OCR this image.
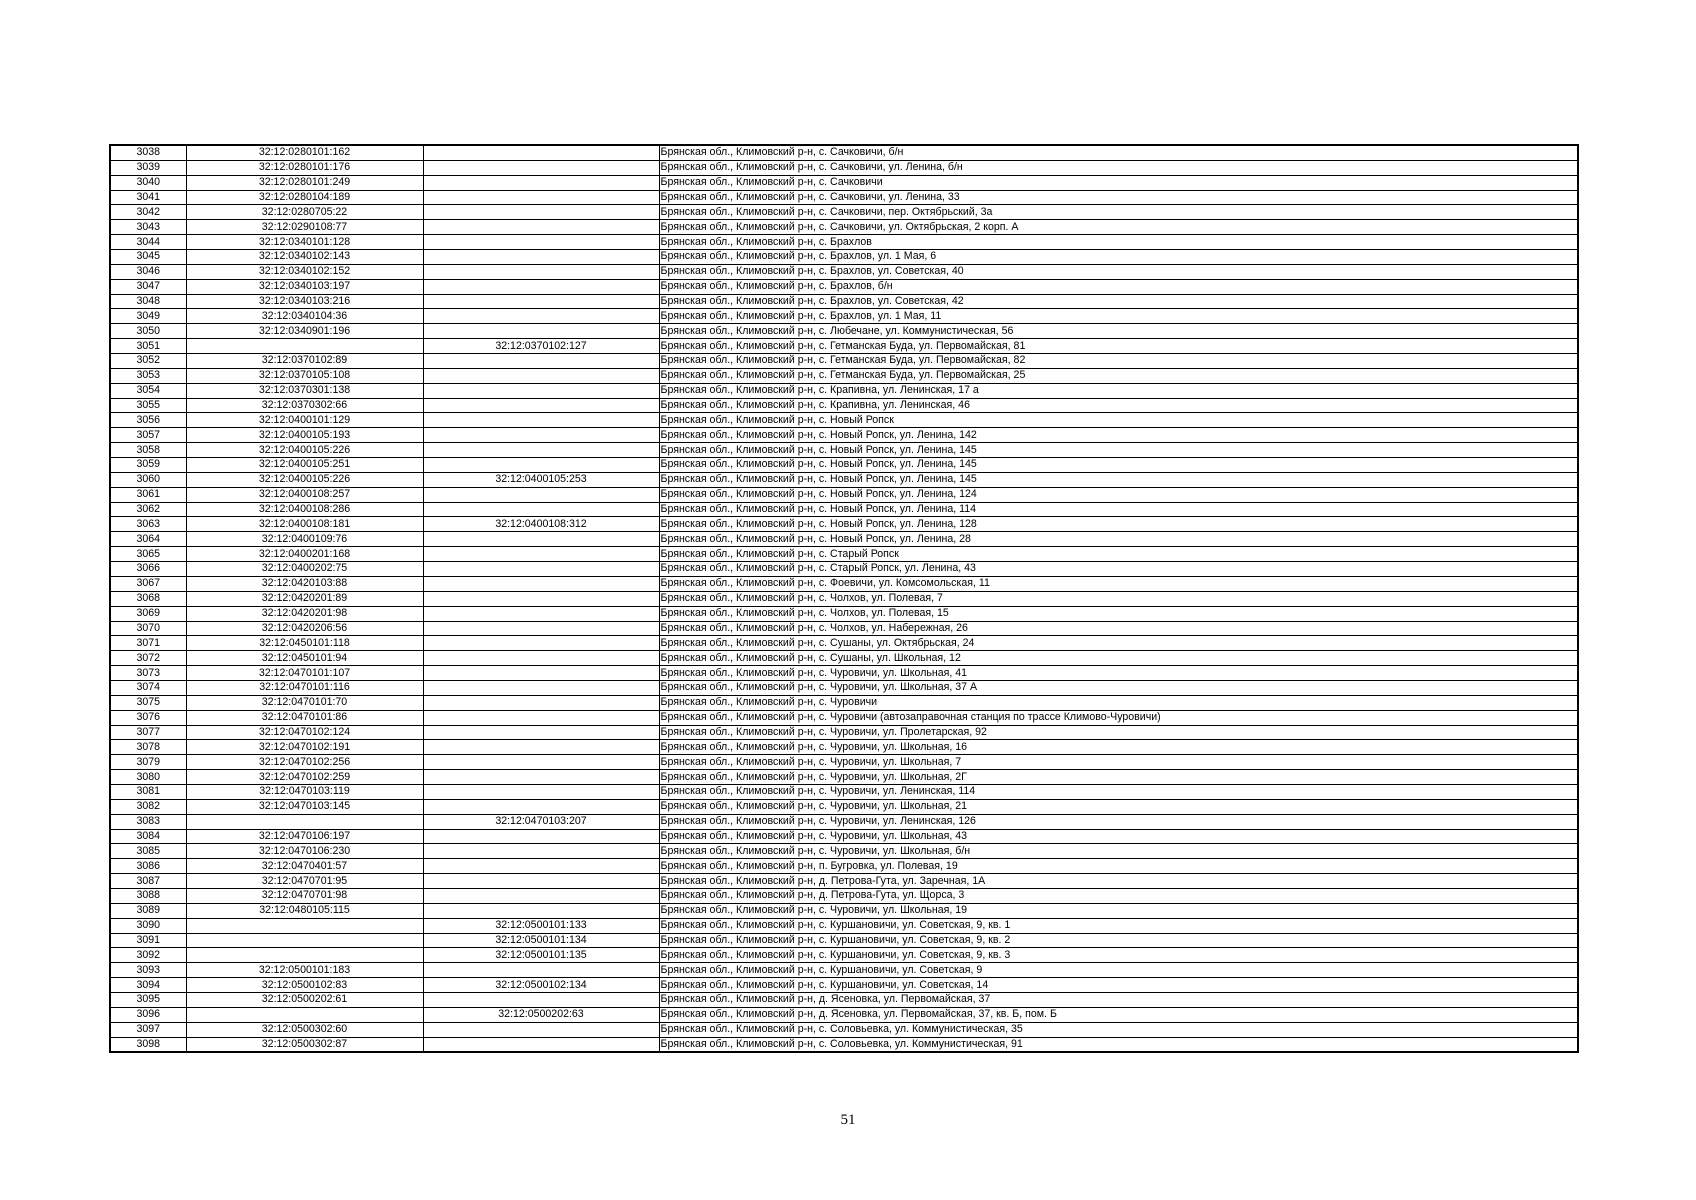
3038	32:12:0280101:162		Брянская обл., Климовский р-н, с. Сачковичи, б/н
3039	32:12:0280101:176		Брянская обл., Климовский р-н, с. Сачковичи, ул. Ленина, б/н
3040	32:12:0280101:249		Брянская обл., Климовский р-н, с. Сачковичи
3041	32:12:0280104:189		Брянская обл., Климовский р-н, с. Сачковичи, ул. Ленина, 33
3042	32:12:0280705:22		Брянская обл., Климовский р-н, с. Сачковичи, пер. Октябрьский, 3а
3043	32:12:0290108:77		Брянская обл., Климовский р-н, с. Сачковичи, ул. Октябрьская, 2 корп. А
3044	32:12:0340101:128		Брянская обл., Климовский р-н, с. Брахлов
3045	32:12:0340102:143		Брянская обл., Климовский р-н, с. Брахлов, ул. 1 Мая, 6
3046	32:12:0340102:152		Брянская обл., Климовский р-н, с. Брахлов, ул. Советская, 40
3047	32:12:0340103:197		Брянская обл., Климовский р-н, с. Брахлов, б/н
3048	32:12:0340103:216		Брянская обл., Климовский р-н, с. Брахлов, ул. Советская, 42
3049	32:12:0340104:36		Брянская обл., Климовский р-н, с. Брахлов, ул. 1 Мая, 11
3050	32:12:0340901:196		Брянская обл., Климовский р-н, с. Любечане, ул. Коммунистическая, 56
3051		32:12:0370102:127	Брянская обл., Климовский р-н, с. Гетманская Буда, ул. Первомайская, 81
3052	32:12:0370102:89		Брянская обл., Климовский р-н, с. Гетманская Буда, ул. Первомайская, 82
3053	32:12:0370105:108		Брянская обл., Климовский р-н, с. Гетманская Буда, ул. Первомайская, 25
3054	32:12:0370301:138		Брянская обл., Климовский р-н, с. Крапивна, ул. Ленинская, 17 а
3055	32:12:0370302:66		Брянская обл., Климовский р-н, с. Крапивна, ул. Ленинская, 46
3056	32:12:0400101:129		Брянская обл., Климовский р-н, с. Новый Ропск
3057	32:12:0400105:193		Брянская обл., Климовский р-н, с. Новый Ропск, ул. Ленина, 142
3058	32:12:0400105:226		Брянская обл., Климовский р-н, с. Новый Ропск, ул. Ленина, 145
3059	32:12:0400105:251		Брянская обл., Климовский р-н, с. Новый Ропск, ул. Ленина, 145
3060	32:12:0400105:226	32:12:0400105:253	Брянская обл., Климовский р-н, с. Новый Ропск, ул. Ленина, 145
3061	32:12:0400108:257		Брянская обл., Климовский р-н, с. Новый Ропск, ул. Ленина, 124
3062	32:12:0400108:286		Брянская обл., Климовский р-н, с. Новый Ропск, ул. Ленина, 114
3063	32:12:0400108:181	32:12:0400108:312	Брянская обл., Климовский р-н, с. Новый Ропск, ул. Ленина, 128
3064	32:12:0400109:76		Брянская обл., Климовский р-н, с. Новый Ропск, ул. Ленина, 28
3065	32:12:0400201:168		Брянская обл., Климовский р-н, с. Старый Ропск
3066	32:12:0400202:75		Брянская обл., Климовский р-н, с. Старый Ропск, ул. Ленина, 43
3067	32:12:0420103:88		Брянская обл., Климовский р-н, с. Фоевичи, ул. Комсомольская, 11
3068	32:12:0420201:89		Брянская обл., Климовский р-н, с. Чолхов, ул. Полевая, 7
3069	32:12:0420201:98		Брянская обл., Климовский р-н, с. Чолхов, ул. Полевая, 15
3070	32:12:0420206:56		Брянская обл., Климовский р-н, с. Чолхов, ул. Набережная, 26
3071	32:12:0450101:118		Брянская обл., Климовский р-н, с. Сушаны, ул. Октябрьская, 24
3072	32:12:0450101:94		Брянская обл., Климовский р-н, с. Сушаны, ул. Школьная, 12
3073	32:12:0470101:107		Брянская обл., Климовский р-н, с. Чуровичи, ул. Школьная, 41
3074	32:12:0470101:116		Брянская обл., Климовский р-н, с. Чуровичи, ул. Школьная, 37 А
3075	32:12:0470101:70		Брянская обл., Климовский р-н, с. Чуровичи
3076	32:12:0470101:86		Брянская обл., Климовский р-н, с. Чуровичи (автозаправочная станция по трассе Климово-Чуровичи)
3077	32:12:0470102:124		Брянская обл., Климовский р-н, с. Чуровичи, ул. Пролетарская, 92
3078	32:12:0470102:191		Брянская обл., Климовский р-н, с. Чуровичи, ул. Школьная, 16
3079	32:12:0470102:256		Брянская обл., Климовский р-н, с. Чуровичи, ул. Школьная, 7
3080	32:12:0470102:259		Брянская обл., Климовский р-н, с. Чуровичи, ул. Школьная, 2Г
3081	32:12:0470103:119		Брянская обл., Климовский р-н, с. Чуровичи, ул. Ленинская, 114
3082	32:12:0470103:145		Брянская обл., Климовский р-н, с. Чуровичи, ул. Школьная, 21
3083		32:12:0470103:207	Брянская обл., Климовский р-н, с. Чуровичи, ул. Ленинская, 126
3084	32:12:0470106:197		Брянская обл., Климовский р-н, с. Чуровичи, ул. Школьная, 43
3085	32:12:0470106:230		Брянская обл., Климовский р-н, с. Чуровичи, ул. Школьная, б/н
3086	32:12:0470401:57		Брянская обл., Климовский р-н, п. Бугровка, ул. Полевая, 19
3087	32:12:0470701:95		Брянская обл., Климовский р-н, д. Петрова-Гута, ул. Заречная, 1А
3088	32:12:0470701:98		Брянская обл., Климовский р-н, д. Петрова-Гута, ул. Щорса, 3
3089	32:12:0480105:115		Брянская обл., Климовский р-н, с. Чуровичи, ул. Школьная, 19
3090		32:12:0500101:133	Брянская обл., Климовский р-н, с. Куршановичи, ул. Советская, 9, кв. 1
3091		32:12:0500101:134	Брянская обл., Климовский р-н, с. Куршановичи, ул. Советская, 9, кв. 2
3092		32:12:0500101:135	Брянская обл., Климовский р-н, с. Куршановичи, ул. Советская, 9, кв. 3
3093	32:12:0500101:183		Брянская обл., Климовский р-н, с. Куршановичи, ул. Советская, 9
3094	32:12:0500102:83	32:12:0500102:134	Брянская обл., Климовский р-н, с. Куршановичи, ул. Советская, 14
3095	32:12:0500202:61		Брянская обл., Климовский р-н, д. Ясеновка, ул. Первомайская, 37
3096		32:12:0500202:63	Брянская обл., Климовский р-н, д. Ясеновка, ул. Первомайская, 37, кв. Б, пом. Б
3097	32:12:0500302:60		Брянская обл., Климовский р-н, с. Соловьевка, ул. Коммунистическая, 35
3098	32:12:0500302:87		Брянская обл., Климовский р-н, с. Соловьевка, ул. Коммунистическая, 91
51
